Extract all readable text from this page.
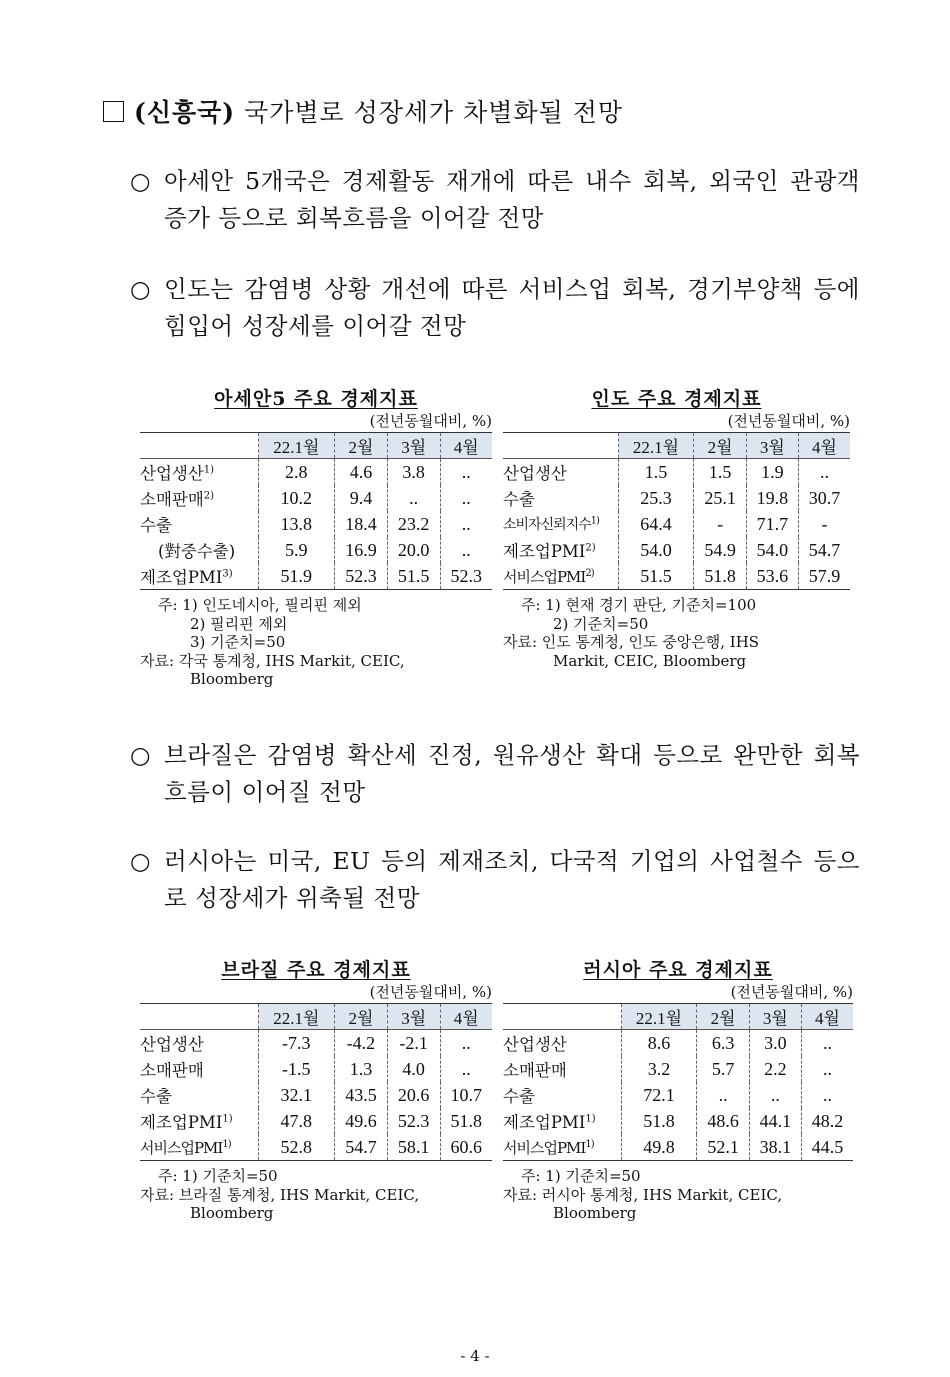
(신흥국) 국가별로 성장세가 차별화될 전망
○ 아세안 5개국은 경제활동 재개에 따른 내수 회복, 외국인 관광객 증가 등으로 회복흐름을 이어갈 전망
○ 인도는 감염병 상황 개선에 따른 서비스업 회복, 경기부양책 등에 힘입어 성장세를 이어갈 전망
아세안5 주요 경제지표
(전년동월대비, %)
	22.1월	2월	3월	4월
산업생산$^{1)}$	2.8	4.6	3.8	..
소매판매$^{2)}$	10.2	9.4	..	..
수출	13.8	18.4	23.2	..
(對중수출)	5.9	16.9	20.0	..
제조업PMI$^{3)}$	51.9	52.3	51.5	52.3
주: 1) 인도네시아, 필리핀 제외
2) 필리핀 제외
3) 기준치=50
자료: 각국 통계청, IHS Markit, CEIC,
Bloomberg
인도 주요 경제지표
(전년동월대비, %)
	22.1월	2월	3월	4월
산업생산	1.5	1.5	1.9	..
수출	25.3	25.1	19.8	30.7
소비자신뢰지수$^{1)}$	64.4	-	71.7	-
제조업PMI$^{2)}$	54.0	54.9	54.0	54.7
서비스업PMI$^{2)}$	51.5	51.8	53.6	57.9
주: 1) 현재 경기 판단, 기준치=100
2) 기준치=50
자료: 인도 통계청, 인도 중앙은행, IHS
Markit, CEIC, Bloomberg
○ 브라질은 감염병 확산세 진정, 원유생산 확대 등으로 완만한 회복흐름이 이어질 전망
○ 러시아는 미국, EU 등의 제재조치, 다국적 기업의 사업철수 등으로 성장세가 위축될 전망
브라질 주요 경제지표
(전년동월대비, %)
	22.1월	2월	3월	4월
산업생산	-7.3	-4.2	-2.1	..
소매판매	-1.5	1.3	4.0	..
수출	32.1	43.5	20.6	10.7
제조업PMI$^{1)}$	47.8	49.6	52.3	51.8
서비스업PMI$^{1)}$	52.8	54.7	58.1	60.6
주: 1) 기준치=50
자료: 브라질 통계청, IHS Markit, CEIC,
Bloomberg
러시아 주요 경제지표
(전년동월대비, %)
	22.1월	2월	3월	4월
산업생산	8.6	6.3	3.0	..
소매판매	3.2	5.7	2.2	..
수출	72.1	..	..	..
제조업PMI$^{1)}$	51.8	48.6	44.1	48.2
서비스업PMI$^{1)}$	49.8	52.1	38.1	44.5
주: 1) 기준치=50
자료: 러시아 통계청, IHS Markit, CEIC,
Bloomberg
- 4 -
